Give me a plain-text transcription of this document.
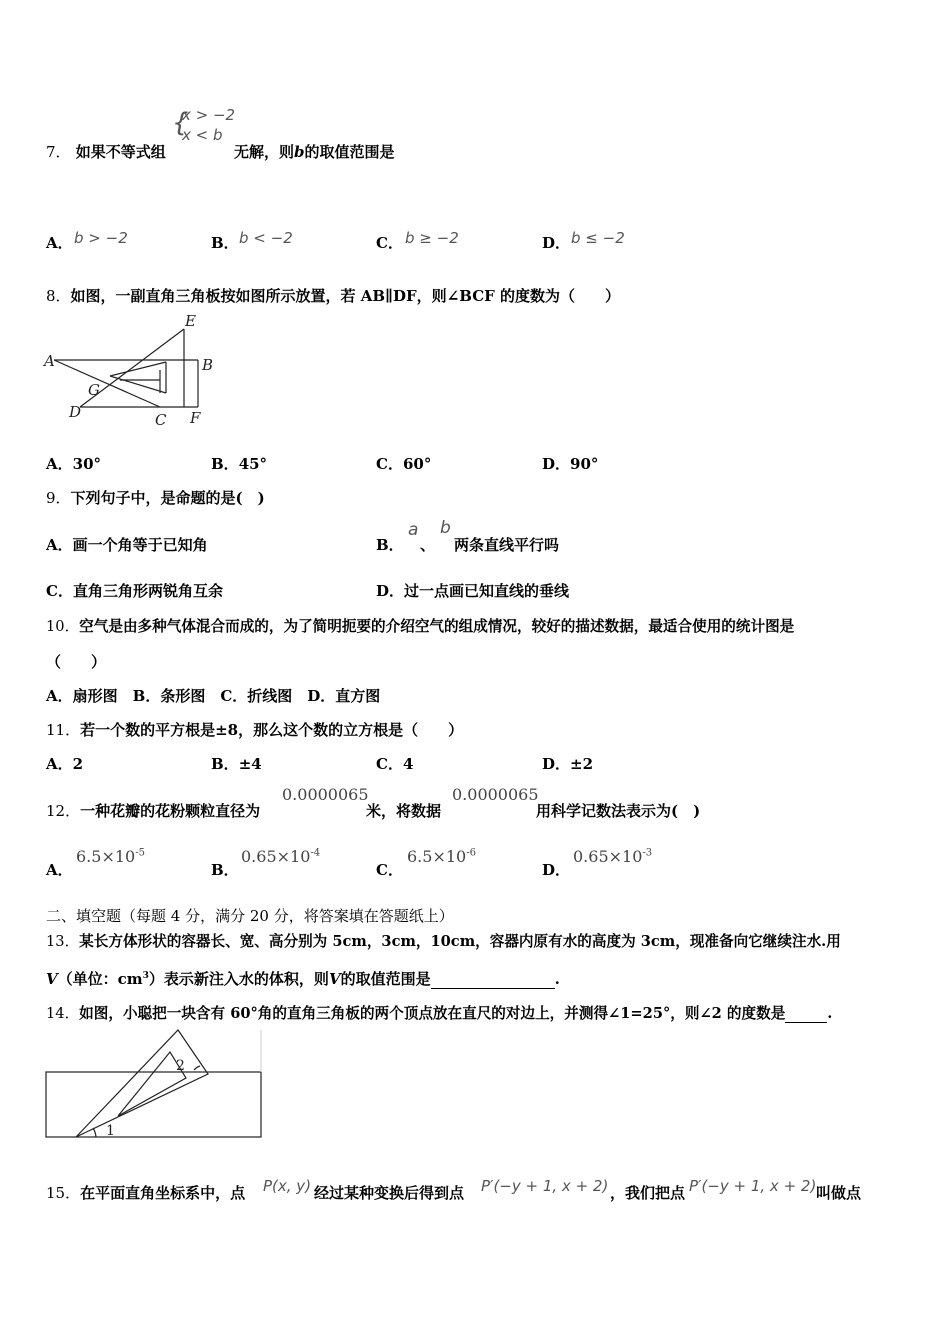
{
x > −2
x < b
7． 如果不等式组	无解，则b的取值范围是
A． b > −2	B． b < −2	C． b ≥ −2	D． b ≤ −2
8．如图，一副直角三角板按如图所示放置，若 AB∥DF，则∠BCF 的度数为（　　）
A	B
C
D
E
F
G
A．30°	B．45°	C．60°	D．90°
9．下列句子中，是命题的是(　)
A．画一个角等于已知角	B．
a
、
b
两条直线平行吗
C．直角三角形两锐角互余	D．过一点画已知直线的垂线
10．空气是由多种气体混合而成的，为了简明扼要的介绍空气的组成情况，较好的描述数据，最适合使用的统计图是
（　　）
A．扇形图　B．条形图　C．折线图　D．直方图
11．若一个数的平方根是±8，那么这个数的立方根是（　　）
A．2	B．±4	C．4	D．±2
12．一种花瓣的花粉颗粒直径为
0.0000065
米，将数据
0.0000065
用科学记数法表示为(　)
A．
$6.5\times 10^{-5}$
B．
$0.65\times 10^{-4}$
C．
$6.5\times 10^{-6}$
D．
$0.65\times 10^{-3}$
二、填空题（每题 4 分，满分 20 分，将答案填在答题纸上）
13．某长方体形状的容器长、宽、高分别为 5cm，3cm，10cm，容器内原有水的高度为 3cm，现准备向它继续注水.用
V（单位：$cm^3$）表示新注入水的体积，则V的取值范围是	.
14．如图，小聪把一块含有 60°角的直角三角板的两个顶点放在直尺的对边上，并测得∠1=25°，则∠2 的度数是	.
1
2
15．在平面直角坐标系中，点 P(x, y) 经过某种变换后得到点 P′(−y + 1, x + 2) ，我们把点 P′(−y + 1, x + 2) 叫做点
